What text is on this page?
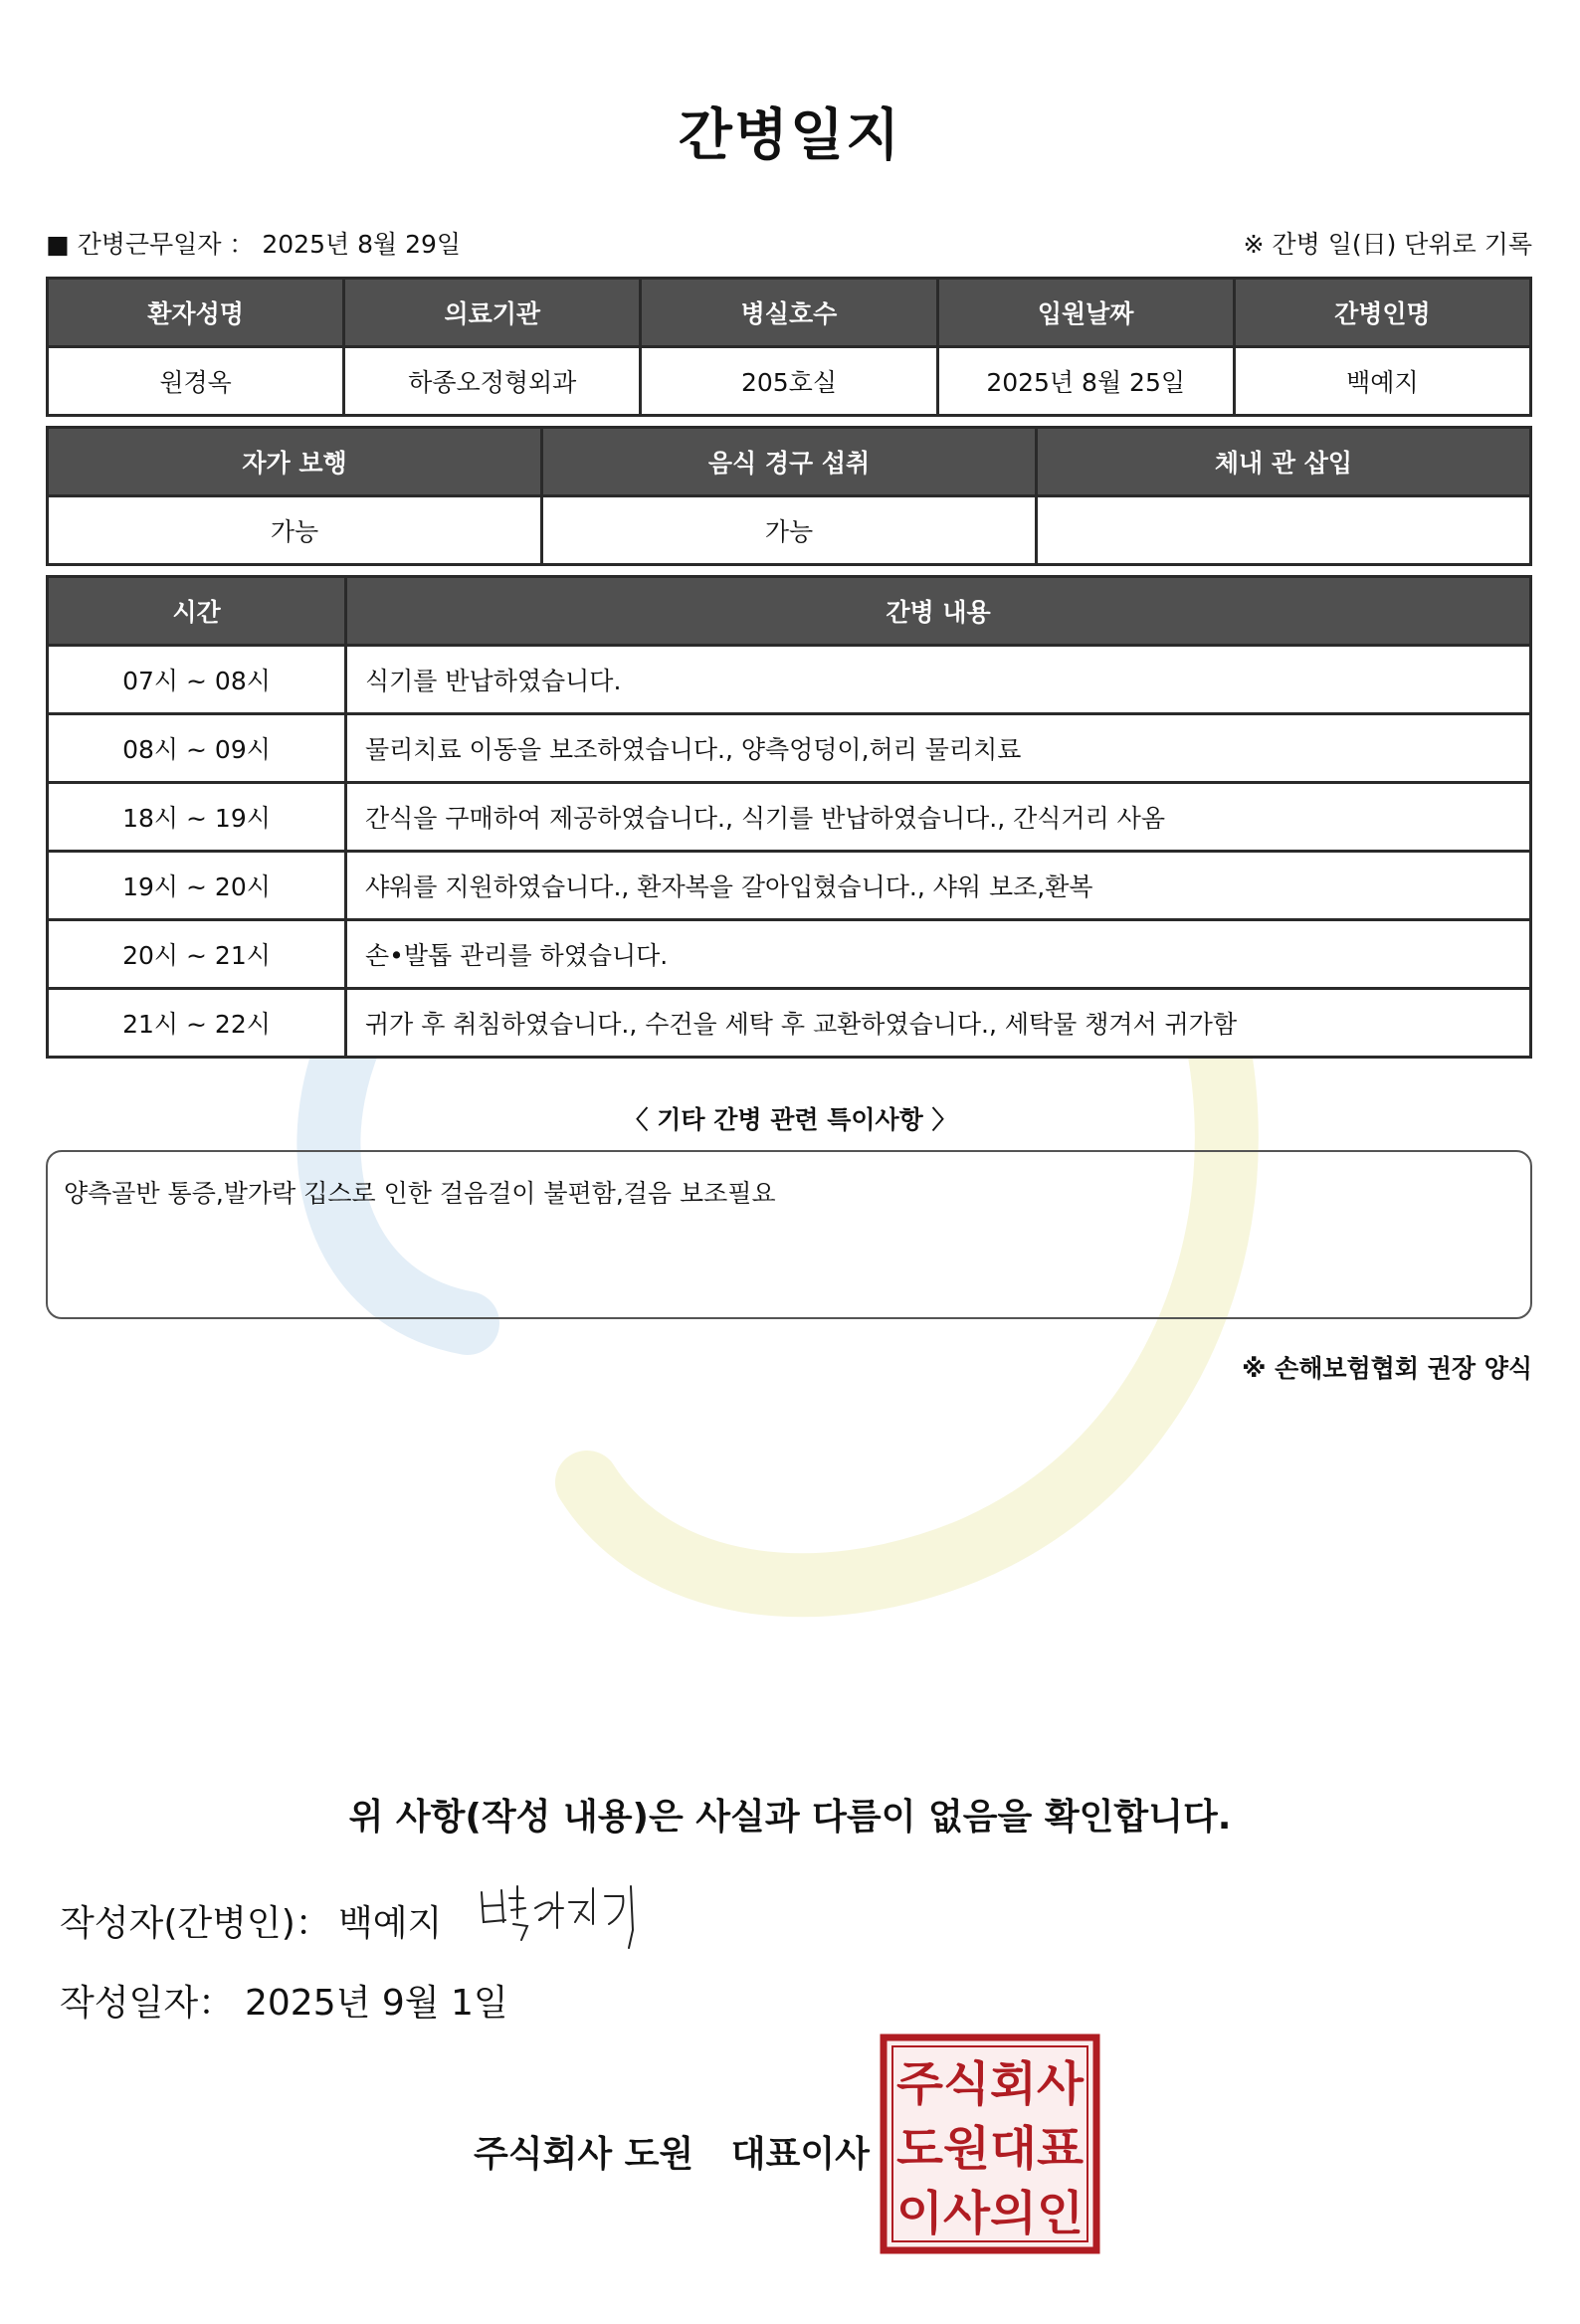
간병일지
■ 간병근무일자 ： 2025년 8월 29일	※ 간병 일(日) 단위로 기록
환자성명	의료기관	병실호수	입원날짜	간병인명
원경옥	하종오정형외과	205호실	2025년 8월 25일	백예지
자가 보행	음식 경구 섭취	체내 관 삽입
가능	가능	
시간	간병 내용
07시 ~ 08시	식기를 반납하였습니다.
08시 ~ 09시	물리치료 이동을 보조하였습니다., 양측엉덩이,허리 물리치료
18시 ~ 19시	간식을 구매하여 제공하였습니다., 식기를 반납하였습니다., 간식거리 사옴
19시 ~ 20시	샤워를 지원하였습니다., 환자복을 갈아입혔습니다., 샤워 보조,환복
20시 ~ 21시	손•발톱 관리를 하였습니다.
21시 ~ 22시	귀가 후 취침하였습니다., 수건을 세탁 후 교환하였습니다., 세탁물 챙겨서 귀가함
〈 기타 간병 관련 특이사항 〉
양측골반 통증,발가락 깁스로 인한 걸음걸이 불편함,걸음 보조필요
※ 손해보험협회 권장 양식
위 사항(작성 내용)은 사실과 다름이 없음을 확인합니다.
작성자(간병인)： 백예지
작성일자： 2025년 9월 1일
주식회사 도원   대표이사
주식회사
도원대표
이사의인
